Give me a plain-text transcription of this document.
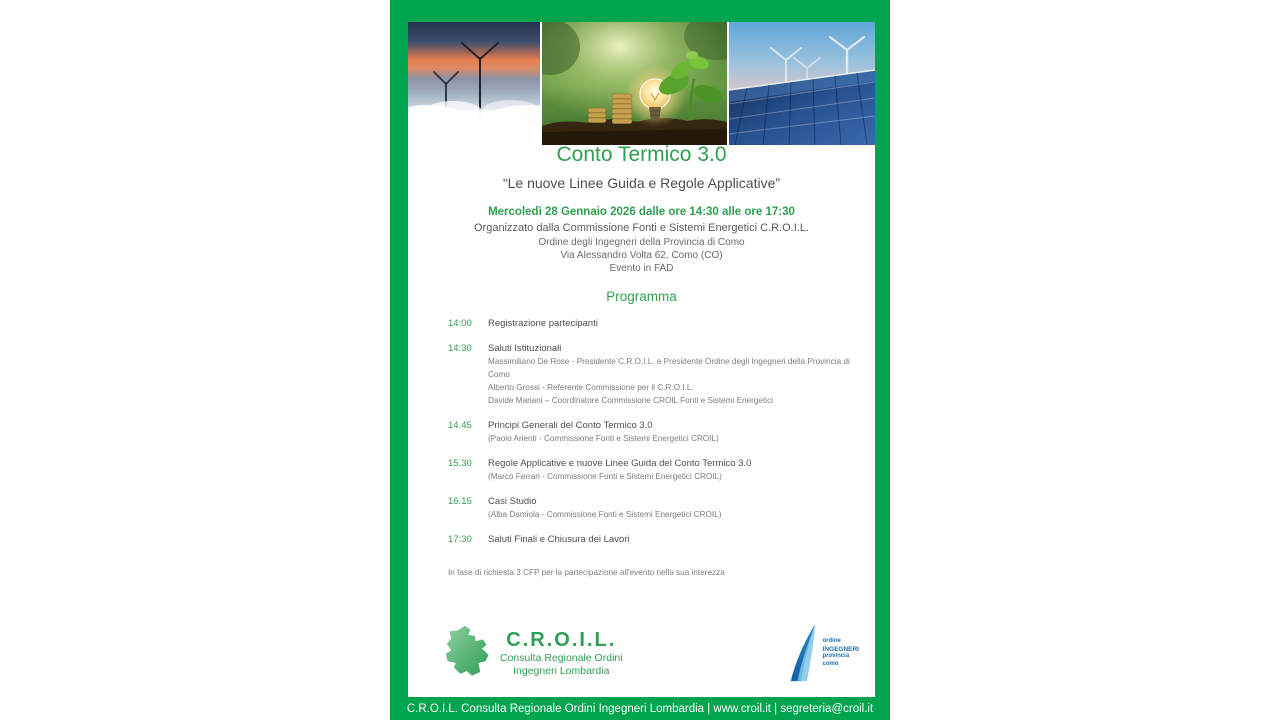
Conto Termico 3.0
“Le nuove Linee Guida e Regole Applicative”

Mercoledì 28 Gennaio 2026 dalle ore 14:30 alle ore 17:30

Organizzato dalla Commissione Fonti e Sistemi Energetici C.R.O.I.L.

Ordine degli Ingegneri della Provincia di Como

Via Alessandro Volta 62, Como (CO)

Evento in FAD

Programma
14:00	Registrazione partecipanti
14:30	Saluti Istituzionali
Massimiliano De Rose - Presidente C.R.O.I.L. e Presidente Ordine degli Ingegneri della Provincia di Como
Alberto Grossi - Referente Commissione per il C.R.O.I.L.
Davide Mariani – Coordinatore Commissione CROIL Fonti e Sistemi Energetici
14.45	Principi Generali del Conto Termico 3.0
(Paolo Arienti - Commissione Fonti e Sistemi Energetici CROIL)
15.30	Regole Applicative e nuove Linee Guida del Conto Termico 3.0
(Marco Ferrari - Commissione Fonti e Sistemi Energetici CROIL)
16.15	Casi Studio
(Alba Damiola - Commissione Fonti e Sistemi Energetici CROIL)
17:30	Saluti Finali e Chiusura dei Lavori

In fase di richiesta 3 CFP per la partecipazione all'evento nella sua interezza

C.R.O.I.L.
Consulta Regionale Ordini
Ingegneri Lombardia
ordine
INGEGNERI
provincia
como
C.R.O.I.L. Consulta Regionale Ordini Ingegneri Lombardia | www.croil.it | segreteria@croil.it
